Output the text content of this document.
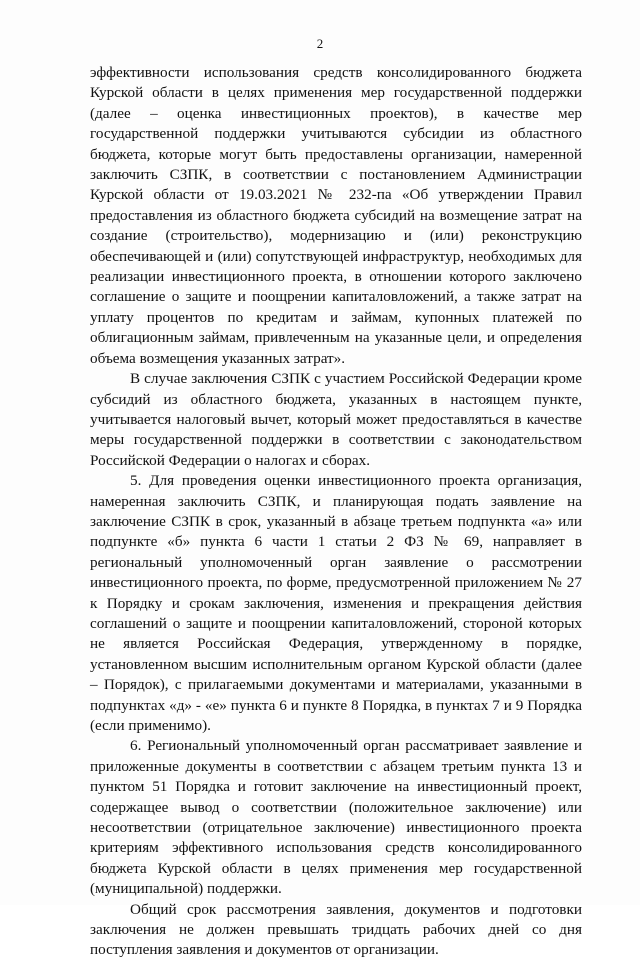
2

эффективности использования средств консолидированного бюджета Курской области в целях применения мер государственной поддержки (далее – оценка инвестиционных проектов), в качестве мер государственной поддержки учитываются субсидии из областного бюджета, которые могут быть предоставлены организации, намеренной заключить СЗПК, в соответствии с постановлением Администрации Курской области от 19.03.2021 № 232-па «Об утверждении Правил предоставления из областного бюджета субсидий на возмещение затрат на создание (строительство), модернизацию и (или) реконструкцию обеспечивающей и (или) сопутствующей инфраструктур, необходимых для реализации инвестиционного проекта, в отношении которого заключено соглашение о защите и поощрении капиталовложений, а также затрат на уплату процентов по кредитам и займам, купонных платежей по облигационным займам, привлеченным на указанные цели, и определения объема возмещения указанных затрат».

В случае заключения СЗПК с участием Российской Федерации кроме субсидий из областного бюджета, указанных в настоящем пункте, учитывается налоговый вычет, который может предоставляться в качестве меры государственной поддержки в соответствии с законодательством Российской Федерации о налогах и сборах.

5. Для проведения оценки инвестиционного проекта организация, намеренная заключить СЗПК, и планирующая подать заявление на заключение СЗПК в срок, указанный в абзаце третьем подпункта «а» или подпункте «б» пункта 6 части 1 статьи 2 ФЗ № 69, направляет в региональный уполномоченный орган заявление о рассмотрении инвестиционного проекта, по форме, предусмотренной приложением № 27 к Порядку и срокам заключения, изменения и прекращения действия соглашений о защите и поощрении капиталовложений, стороной которых не является Российская Федерация, утвержденному в порядке, установленном высшим исполнительным органом Курской области (далее – Порядок), с прилагаемыми документами и материалами, указанными в подпунктах «д» - «е» пункта 6 и пункте 8 Порядка, в пунктах 7 и 9 Порядка (если применимо).

6. Региональный уполномоченный орган рассматривает заявление и приложенные документы в соответствии с абзацем третьим пункта 13 и пунктом 51 Порядка и готовит заключение на инвестиционный проект, содержащее вывод о соответствии (положительное заключение) или несоответствии (отрицательное заключение) инвестиционного проекта критериям эффективного использования средств консолидированного бюджета Курской области в целях применения мер государственной (муниципальной) поддержки.

Общий срок рассмотрения заявления, документов и подготовки заключения не должен превышать тридцать рабочих дней со дня поступления заявления и документов от организации.
